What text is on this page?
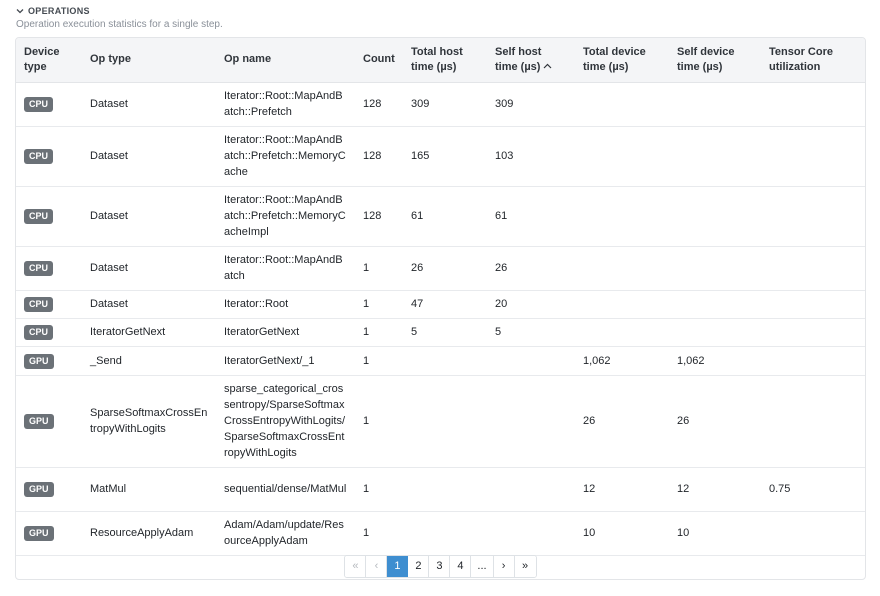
OPERATIONS
Operation execution statistics for a single step.
Device type	Op type	Op name	Count	Total host time (µs)	Self host time (µs)	Total device time (µs)	Self device time (µs)	Tensor Core utilization
CPU	Dataset	Iterator::Root::MapAndBatch::Prefetch	128	309	309			
CPU	Dataset	Iterator::Root::MapAndBatch::Prefetch::MemoryCache	128	165	103			
CPU	Dataset	Iterator::Root::MapAndBatch::Prefetch::MemoryCacheImpl	128	61	61			
CPU	Dataset	Iterator::Root::MapAndBatch	1	26	26			
CPU	Dataset	Iterator::Root	1	47	20			
CPU	IteratorGetNext	IteratorGetNext	1	5	5			
GPU	_Send	IteratorGetNext/_1	1			1,062	1,062	
GPU	SparseSoftmaxCrossEntropyWithLogits	sparse_categorical_crossentropy/SparseSoftmaxCrossEntropyWithLogits/SparseSoftmaxCrossEntropyWithLogits	1			26	26	
GPU	MatMul	sequential/dense/MatMul	1			12	12	0.75
GPU	ResourceApplyAdam	Adam/Adam/update/ResourceApplyAdam	1			10	10	
«	‹	1	2	3	4	...	›	»
